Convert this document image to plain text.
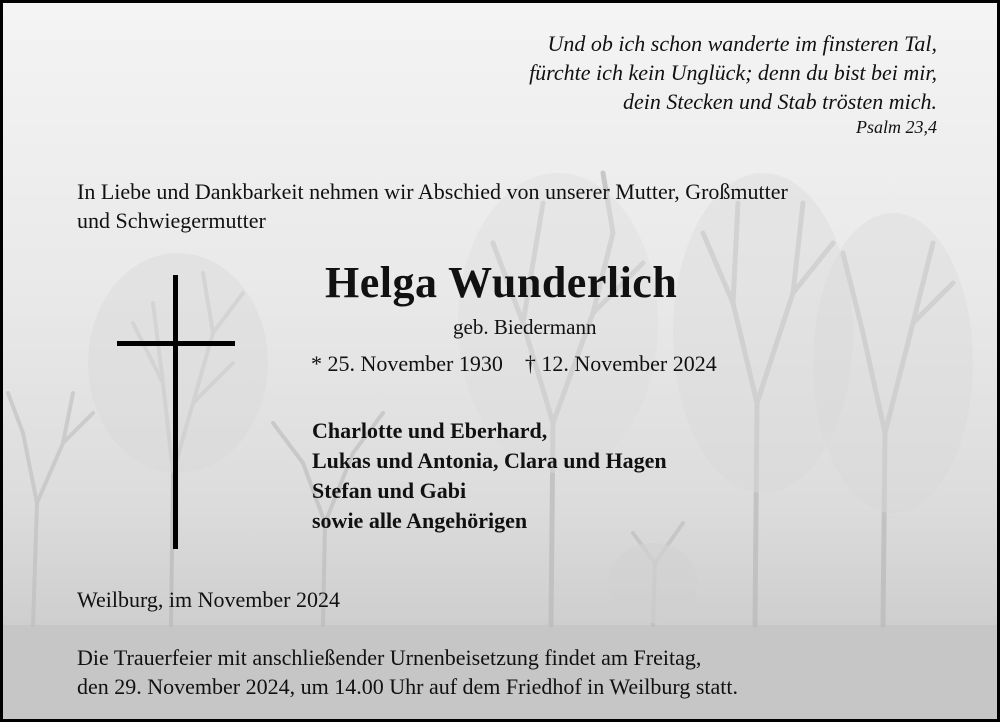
Und ob ich schon wanderte im finsteren Tal,
fürchte ich kein Unglück; denn du bist bei mir,
dein Stecken und Stab trösten mich.
Psalm 23,4
In Liebe und Dankbarkeit nehmen wir Abschied von unserer Mutter, Großmutter
und Schwiegermutter
Helga Wunderlich
geb. Biedermann
* 25. November 1930    † 12. November 2024
Charlotte und Eberhard,
Lukas und Antonia, Clara und Hagen
Stefan und Gabi
sowie alle Angehörigen
Weilburg, im November 2024
Die Trauerfeier mit anschließender Urnenbeisetzung findet am Freitag,
den 29. November 2024, um 14.00 Uhr auf dem Friedhof in Weilburg statt.
